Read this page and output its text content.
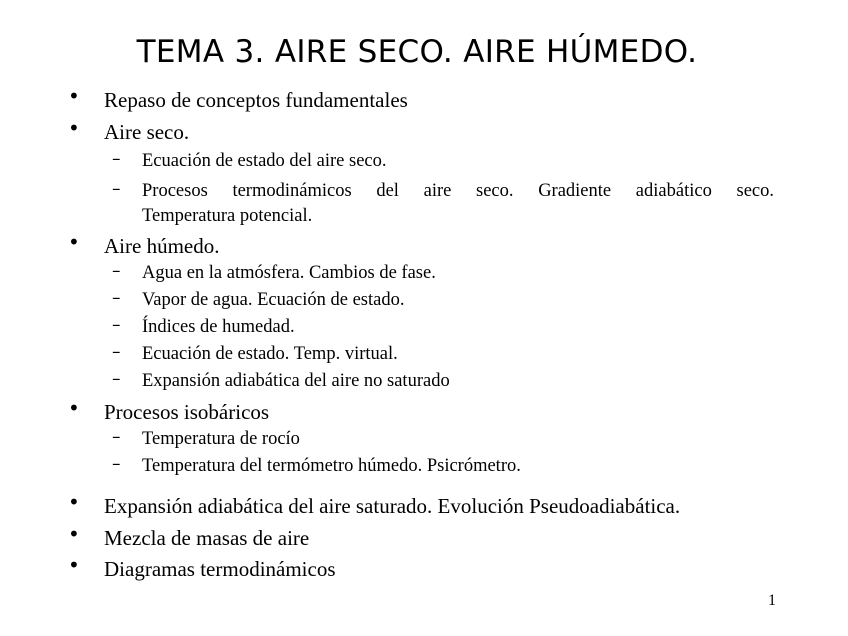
TEMA 3. AIRE SECO. AIRE HÚMEDO.
• Repaso de conceptos fundamentales
• Aire seco.
– Ecuación de estado del aire seco.
– Procesos termodinámicos del aire seco. Gradiente adiabático seco.
Temperatura potencial.
• Aire húmedo.
– Agua en la atmósfera. Cambios de fase.
– Vapor de agua. Ecuación de estado.
– Índices de humedad.
– Ecuación de estado. Temp. virtual.
– Expansión adiabática del aire no saturado
• Procesos isobáricos
– Temperatura de rocío
– Temperatura del termómetro húmedo. Psicrómetro.
• Expansión adiabática del aire saturado. Evolución Pseudoadiabática.
• Mezcla de masas de aire
• Diagramas termodinámicos
1
